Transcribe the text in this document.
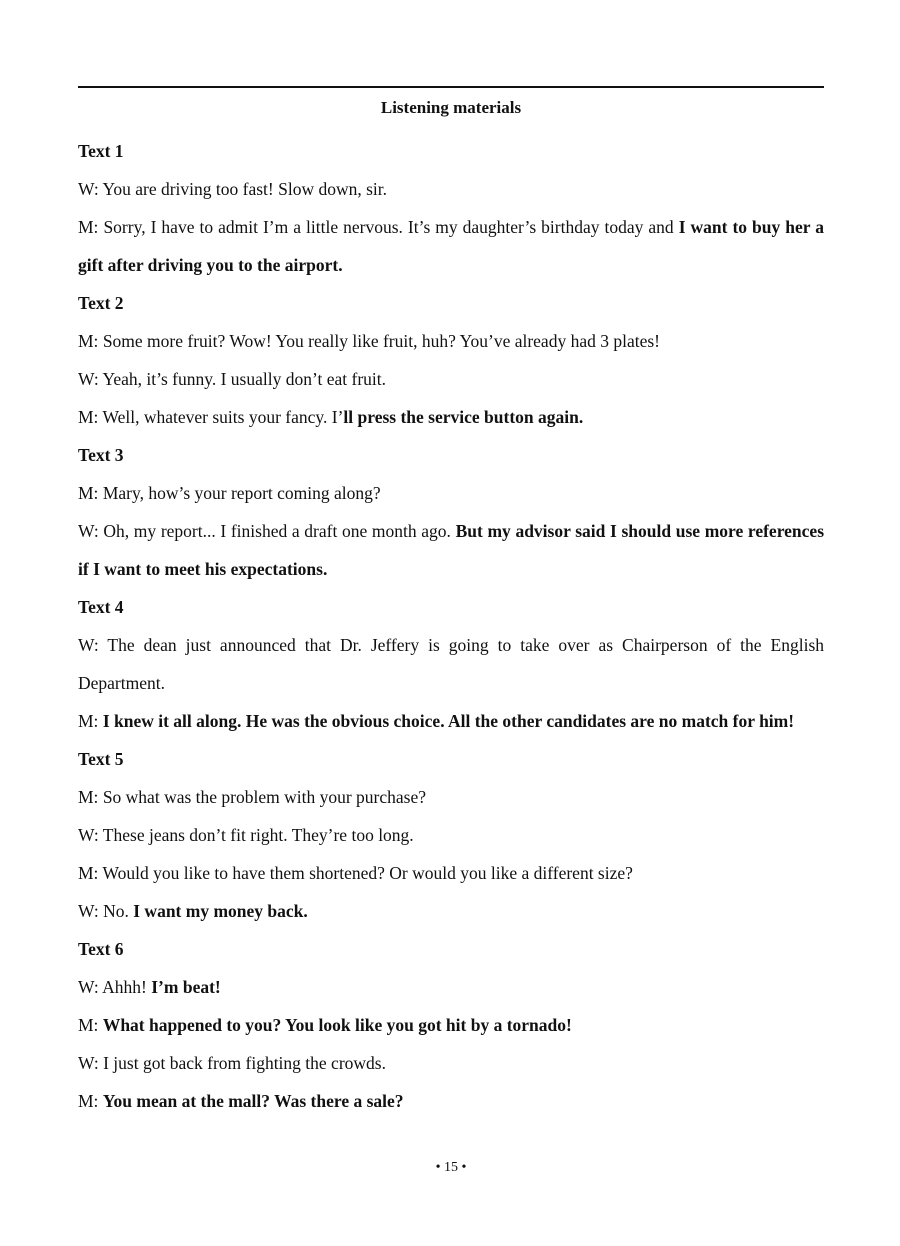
Listening materials

Text 1

W: You are driving too fast! Slow down, sir.

M: Sorry, I have to admit I’m a little nervous. It’s my daughter’s birthday today and I want to buy her a gift after driving you to the airport.

Text 2

M: Some more fruit? Wow! You really like fruit, huh? You’ve already had 3 plates!

W: Yeah, it’s funny. I usually don’t eat fruit.

M: Well, whatever suits your fancy. I’ll press the service button again.

Text 3

M: Mary, how’s your report coming along?

W: Oh, my report... I finished a draft one month ago. But my advisor said I should use more references if I want to meet his expectations.

Text 4

W: The dean just announced that Dr. Jeffery is going to take over as Chairperson of the English Department.

M: I knew it all along. He was the obvious choice. All the other candidates are no match for him!

Text 5

M: So what was the problem with your purchase?

W: These jeans don’t fit right. They’re too long.

M: Would you like to have them shortened? Or would you like a different size?

W: No. I want my money back.

Text 6

W: Ahhh! I’m beat!

M: What happened to you? You look like you got hit by a tornado!

W: I just got back from fighting the crowds.

M: You mean at the mall? Was there a sale?

• 15 •
